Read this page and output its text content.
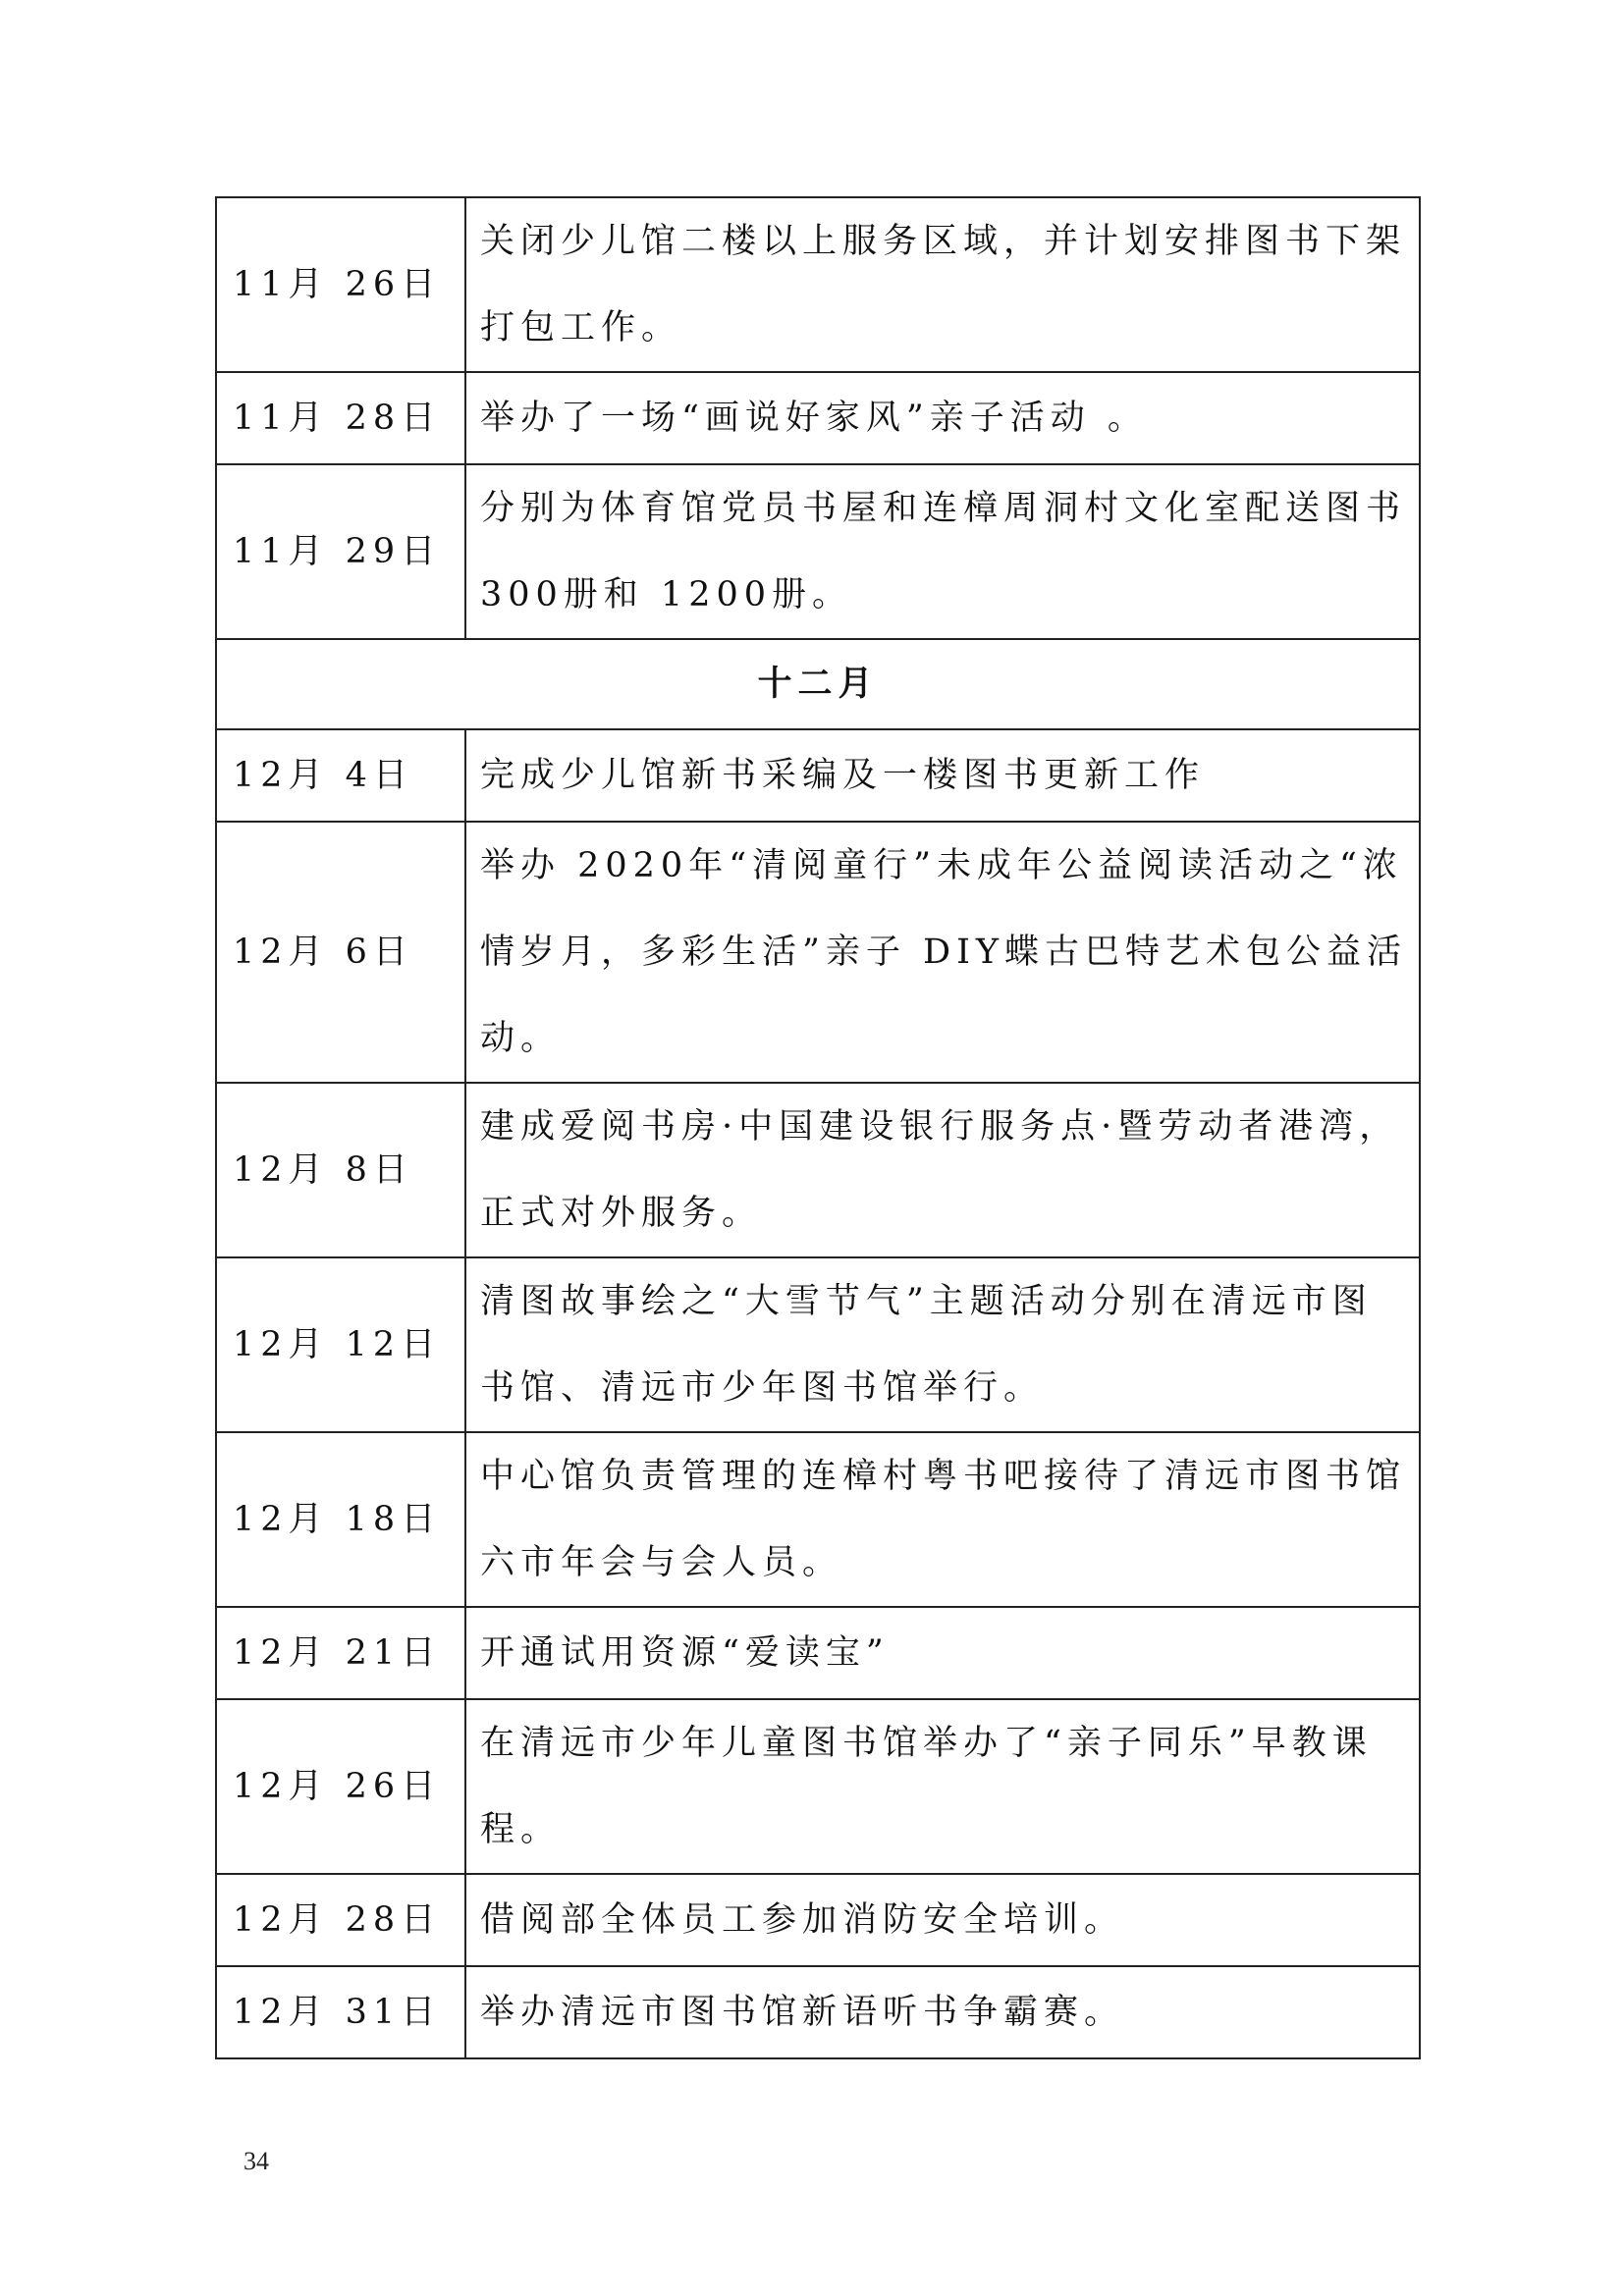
11月 26日	关闭少儿馆二楼以上服务区域，并计划安排图书下架打包工作。
11月 28日	举办了一场“画说好家风”亲子活动 。
11月 29日	分别为体育馆党员书屋和连樟周洞村文化室配送图书 300册和 1200册。
十二月	
12月 4日	完成少儿馆新书采编及一楼图书更新工作
12月 6日	举办 2020年“清阅童行”未成年公益阅读活动之“浓情岁月，多彩生活”亲子 DIY蝶古巴特艺术包公益活动。
12月 8日	建成爱阅书房·中国建设银行服务点·暨劳动者港湾，正式对外服务。
12月 12日	清图故事绘之“大雪节气”主题活动分别在清远市图书馆、清远市少年图书馆举行。
12月 18日	中心馆负责管理的连樟村粤书吧接待了清远市图书馆六市年会与会人员。
12月 21日	开通试用资源“爱读宝”
12月 26日	在清远市少年儿童图书馆举办了“亲子同乐”早教课程。
12月 28日	借阅部全体员工参加消防安全培训。
12月 31日	举办清远市图书馆新语听书争霸赛。
34
